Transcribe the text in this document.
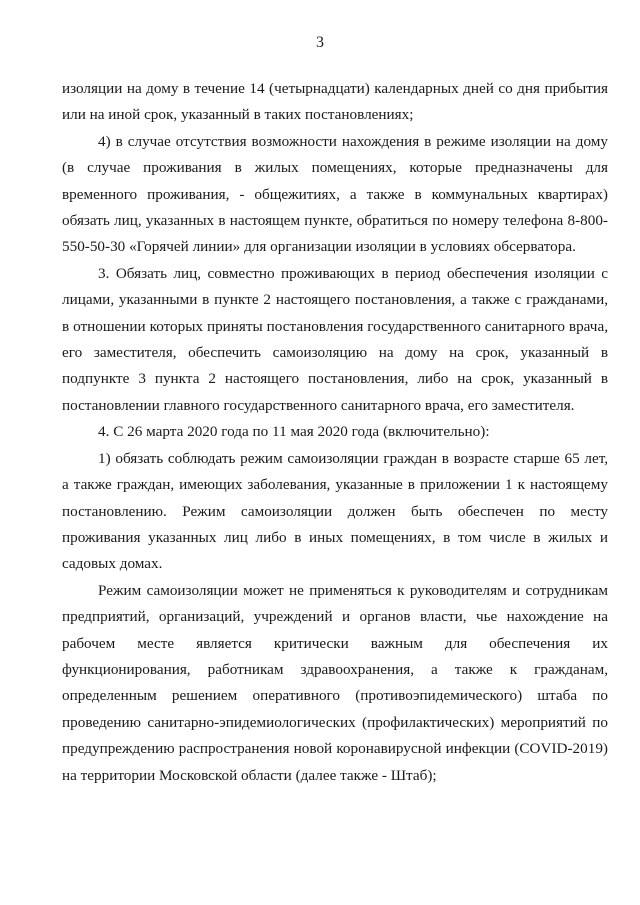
3

изоляции на дому в течение 14 (четырнадцати) календарных дней со дня прибытия или на иной срок, указанный в таких постановлениях;

4) в случае отсутствия возможности нахождения в режиме изоляции на дому (в случае проживания в жилых помещениях, которые предназначены для временного проживания, - общежитиях, а также в коммунальных квартирах) обязать лиц, указанных в настоящем пункте, обратиться по номеру телефона 8-800-550-50-30 «Горячей линии» для организации изоляции в условиях обсерватора.

3. Обязать лиц, совместно проживающих в период обеспечения изоляции с лицами, указанными в пункте 2 настоящего постановления, а также с гражданами, в отношении которых приняты постановления государственного санитарного врача, его заместителя, обеспечить самоизоляцию на дому на срок, указанный в подпункте 3 пункта 2 настоящего постановления, либо на срок, указанный в постановлении главного государственного санитарного врача, его заместителя.

4. С 26 марта 2020 года по 11 мая 2020 года (включительно):

1) обязать соблюдать режим самоизоляции граждан в возрасте старше 65 лет, а также граждан, имеющих заболевания, указанные в приложении 1 к настоящему постановлению. Режим самоизоляции должен быть обеспечен по месту проживания указанных лиц либо в иных помещениях, в том числе в жилых и садовых домах.

Режим самоизоляции может не применяться к руководителям и сотрудникам предприятий, организаций, учреждений и органов власти, чье нахождение на рабочем месте является критически важным для обеспечения их функционирования, работникам здравоохранения, а также к гражданам, определенным решением оперативного (противоэпидемического) штаба по проведению санитарно-эпидемиологических (профилактических) мероприятий по предупреждению распространения новой коронавирусной инфекции (COVID-2019) на территории Московской области (далее также - Штаб);
